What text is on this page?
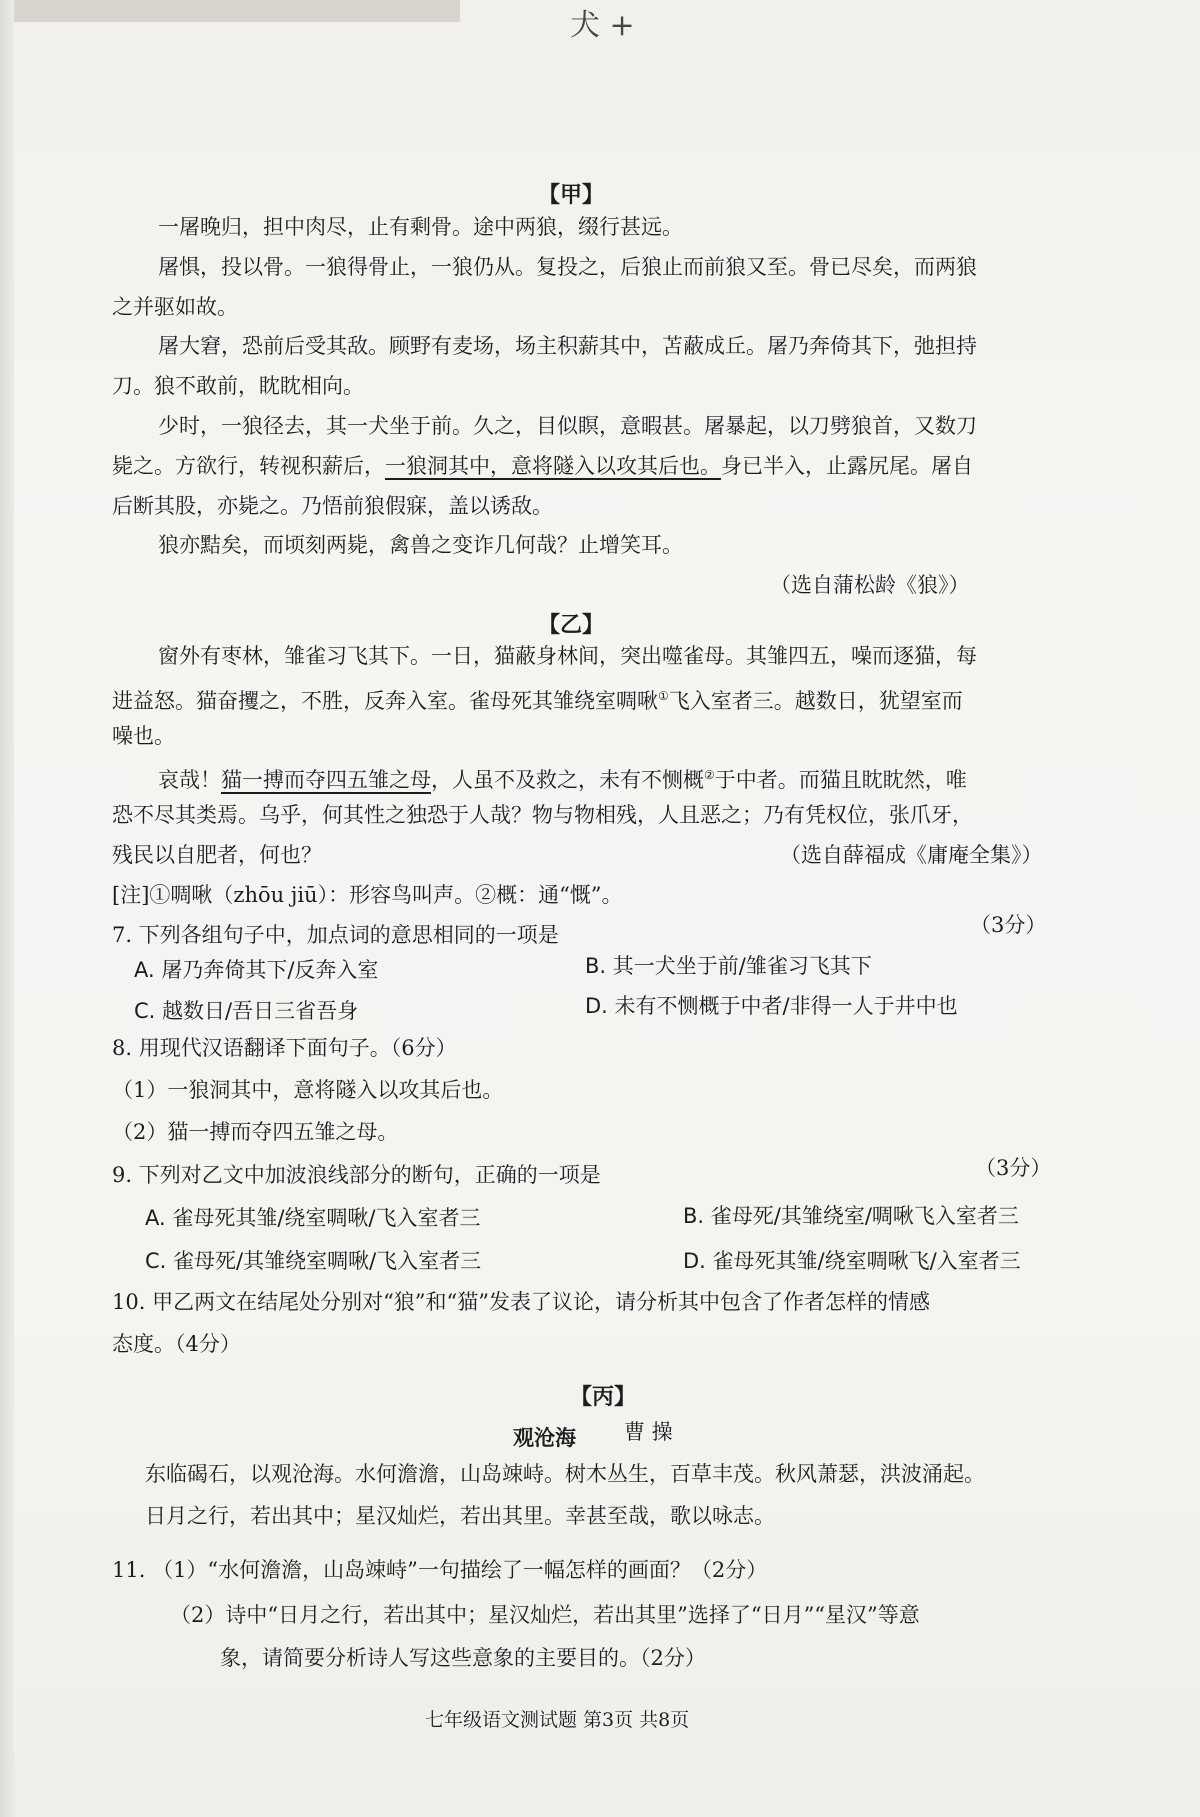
犬 +
【甲】
一屠晚归，担中肉尽，止有剩骨。途中两狼，缀行甚远。
屠惧，投以骨。一狼得骨止，一狼仍从。复投之，后狼止而前狼又至。骨已尽矣，而两狼
之并驱如故。
屠大窘，恐前后受其敌。顾野有麦场，场主积薪其中，苫蔽成丘。屠乃奔倚其下，弛担持
刀。狼不敢前，眈眈相向。
少时，一狼径去，其一犬坐于前。久之，目似瞑，意暇甚。屠暴起，以刀劈狼首，又数刀
毙之。方欲行，转视积薪后，一狼洞其中，意将隧入以攻其后也。身已半入，止露尻尾。屠自
后断其股，亦毙之。乃悟前狼假寐，盖以诱敌。
狼亦黠矣，而顷刻两毙，禽兽之变诈几何哉？止增笑耳。
（选自蒲松龄《狼》）
【乙】
窗外有枣林，雏雀习飞其下。一日，猫蔽身林间，突出噬雀母。其雏四五，噪而逐猫，每
进益怒。猫奋攫之，不胜，反奔入室。雀母死其雏绕室啁啾①飞入室者三。越数日，犹望室而
噪也。
哀哉！猫一搏而夺四五雏之母，人虽不及救之，未有不恻概②于中者。而猫且眈眈然，唯
恐不尽其类焉。乌乎，何其性之独恐于人哉？物与物相残，人且恶之；乃有凭权位，张爪牙，
残民以自肥者，何也？	（选自薛福成《庸庵全集》）
[注]①啁啾（zhōu jiū）：形容鸟叫声。②概：通“慨”。
7. 下列各组句子中，加点词的意思相同的一项是	（3分）
A. 屠乃奔倚其下/反奔入室	B. 其一犬坐于前/雏雀习飞其下
C. 越数日/吾日三省吾身	D. 未有不恻概于中者/非得一人于井中也
8. 用现代汉语翻译下面句子。（6分）
（1）一狼洞其中，意将隧入以攻其后也。
（2）猫一搏而夺四五雏之母。
9. 下列对乙文中加波浪线部分的断句，正确的一项是	（3分）
A. 雀母死其雏/绕室啁啾/飞入室者三	B. 雀母死/其雏绕室/啁啾飞入室者三
C. 雀母死/其雏绕室啁啾/飞入室者三	D. 雀母死其雏/绕室啁啾飞/入室者三
10. 甲乙两文在结尾处分别对“狼”和“猫”发表了议论，请分析其中包含了作者怎样的情感
态度。（4分）
【丙】
观沧海 曹 操
东临碣石，以观沧海。水何澹澹，山岛竦峙。树木丛生，百草丰茂。秋风萧瑟，洪波涌起。
日月之行，若出其中；星汉灿烂，若出其里。幸甚至哉，歌以咏志。
11. （1）“水何澹澹，山岛竦峙”一句描绘了一幅怎样的画面？（2分）
（2）诗中“日月之行，若出其中；星汉灿烂，若出其里”选择了“日月”“星汉”等意
象，请简要分析诗人写这些意象的主要目的。（2分）
七年级语文测试题 第3页 共8页
